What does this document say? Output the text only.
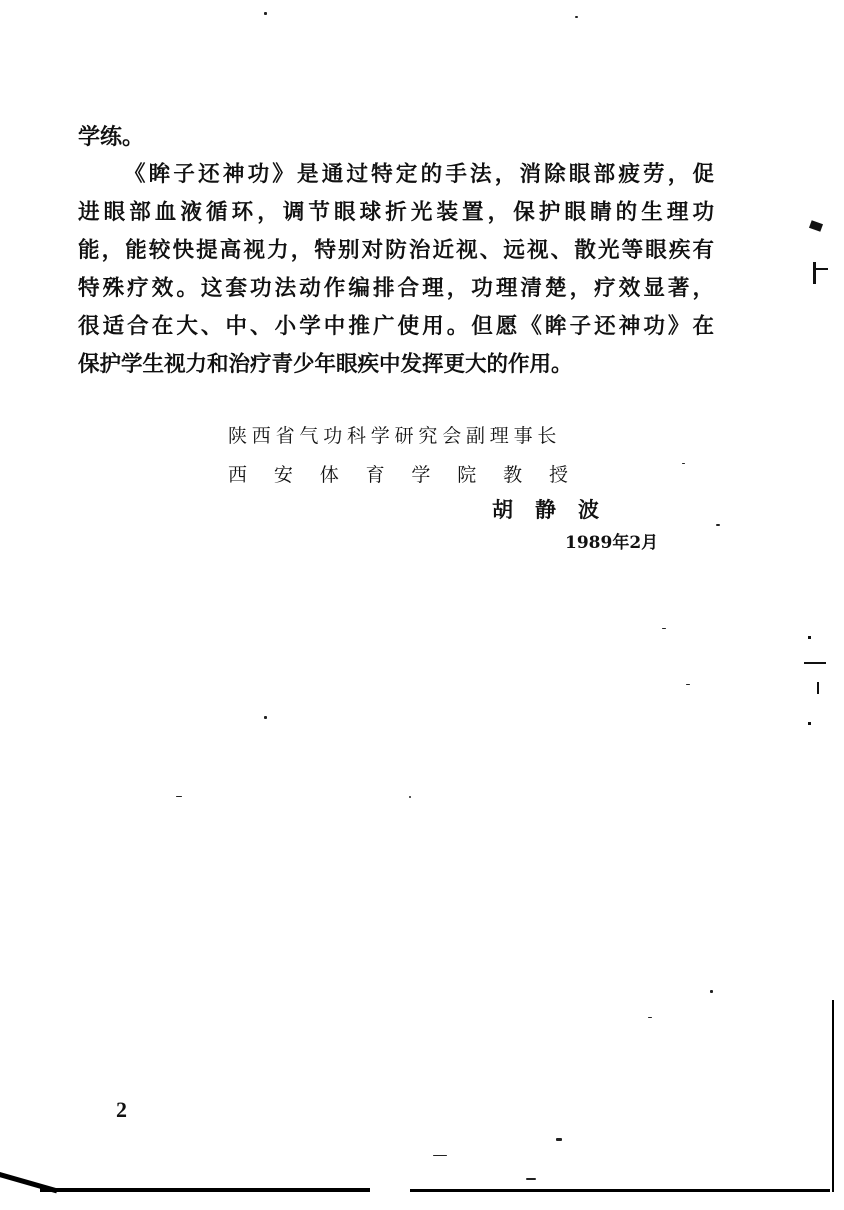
学练。
《眸子还神功》是通过特定的手法，消除眼部疲劳，促
进眼部血液循环，调节眼球折光装置，保护眼睛的生理功
能，能较快提高视力，特别对防治近视、远视、散光等眼疾有
特殊疗效。这套功法动作编排合理，功理清楚，疗效显著，
很适合在大、中、小学中推广使用。但愿《眸子还神功》在
保护学生视力和治疗青少年眼疾中发挥更大的作用。
陕西省气功科学研究会副理事长
西安体育学院教授
胡静波
1989年2月
2
